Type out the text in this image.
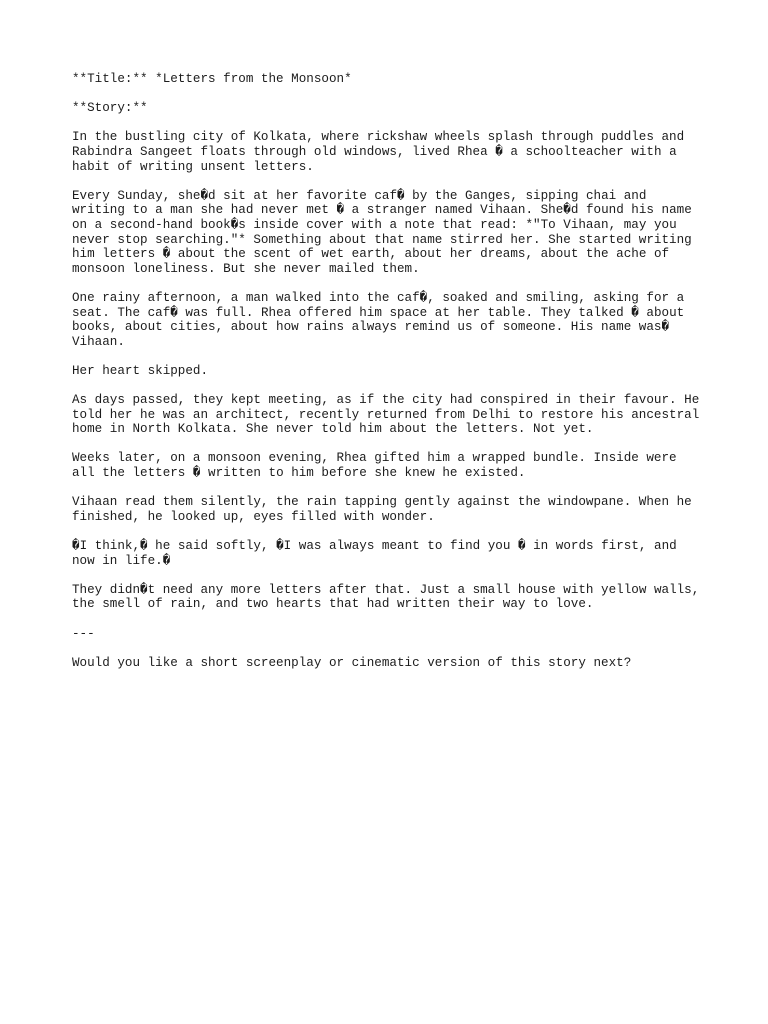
**Title:** *Letters from the Monsoon*

**Story:**

In the bustling city of Kolkata, where rickshaw wheels splash through puddles and
Rabindra Sangeet floats through old windows, lived Rhea � a schoolteacher with a
habit of writing unsent letters.

Every Sunday, she�d sit at her favorite caf� by the Ganges, sipping chai and
writing to a man she had never met � a stranger named Vihaan. She�d found his name
on a second-hand book�s inside cover with a note that read: *"To Vihaan, may you
never stop searching."* Something about that name stirred her. She started writing
him letters � about the scent of wet earth, about her dreams, about the ache of
monsoon loneliness. But she never mailed them.

One rainy afternoon, a man walked into the caf�, soaked and smiling, asking for a
seat. The caf� was full. Rhea offered him space at her table. They talked � about
books, about cities, about how rains always remind us of someone. His name was�
Vihaan.

Her heart skipped.

As days passed, they kept meeting, as if the city had conspired in their favour. He
told her he was an architect, recently returned from Delhi to restore his ancestral
home in North Kolkata. She never told him about the letters. Not yet.

Weeks later, on a monsoon evening, Rhea gifted him a wrapped bundle. Inside were
all the letters � written to him before she knew he existed.

Vihaan read them silently, the rain tapping gently against the windowpane. When he
finished, he looked up, eyes filled with wonder.

�I think,� he said softly, �I was always meant to find you � in words first, and
now in life.�

They didn�t need any more letters after that. Just a small house with yellow walls,
the smell of rain, and two hearts that had written their way to love.

---

Would you like a short screenplay or cinematic version of this story next?
